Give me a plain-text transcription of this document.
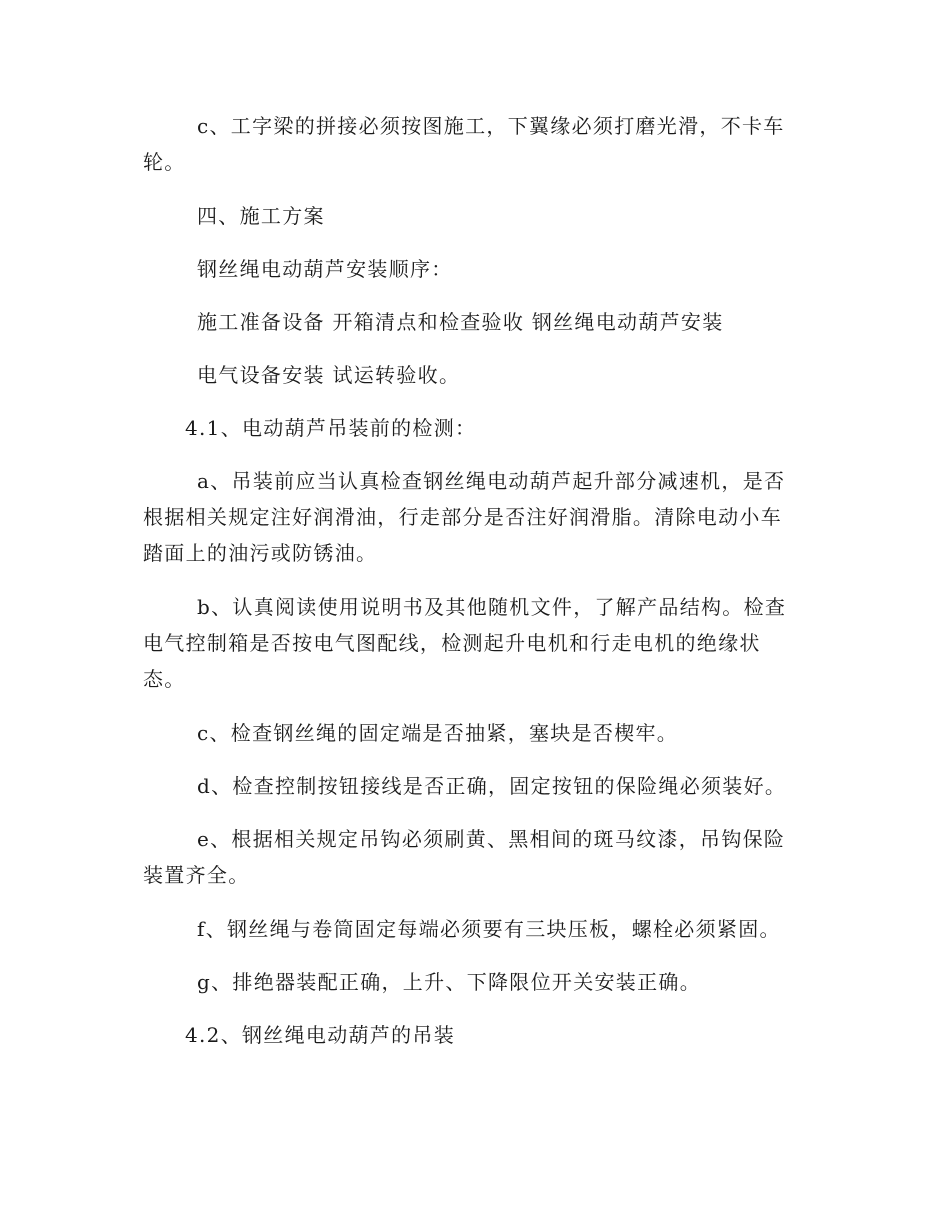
c、工字梁的拼接必须按图施工，下翼缘必须打磨光滑，不卡车轮。

四、施工方案

钢丝绳电动葫芦安装顺序：

施工准备设备 开箱清点和检查验收 钢丝绳电动葫芦安装

电气设备安装 试运转验收。

4.1、电动葫芦吊装前的检测：

a、吊装前应当认真检查钢丝绳电动葫芦起升部分减速机，是否根据相关规定注好润滑油，行走部分是否注好润滑脂。清除电动小车踏面上的油污或防锈油。

b、认真阅读使用说明书及其他随机文件，了解产品结构。检查电气控制箱是否按电气图配线，检测起升电机和行走电机的绝缘状态。

c、检查钢丝绳的固定端是否抽紧，塞块是否楔牢。

d、检查控制按钮接线是否正确，固定按钮的保险绳必须装好。

e、根据相关规定吊钩必须刷黄、黑相间的斑马纹漆，吊钩保险装置齐全。

f、钢丝绳与卷筒固定每端必须要有三块压板，螺栓必须紧固。

g、排绝器装配正确，上升、下降限位开关安装正确。

4.2、钢丝绳电动葫芦的吊装
